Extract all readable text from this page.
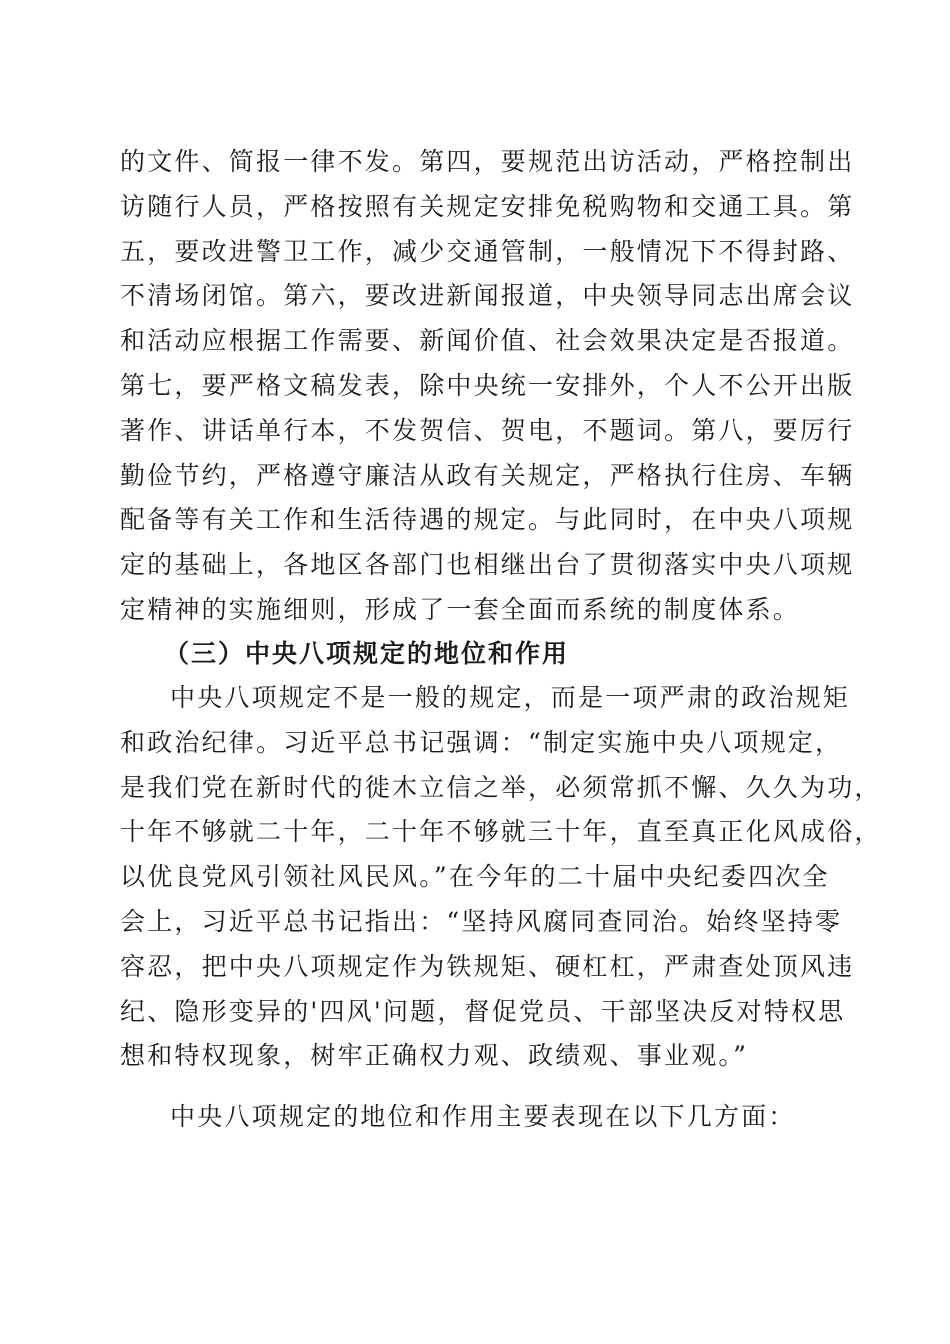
的文件、简报一律不发。第四，要规范出访活动，严格控制出
访随行人员，严格按照有关规定安排免税购物和交通工具。第
五，要改进警卫工作，减少交通管制，一般情况下不得封路、
不清场闭馆。第六，要改进新闻报道，中央领导同志出席会议
和活动应根据工作需要、新闻价值、社会效果决定是否报道。
第七，要严格文稿发表，除中央统一安排外，个人不公开出版
著作、讲话单行本，不发贺信、贺电，不题词。第八，要厉行
勤俭节约，严格遵守廉洁从政有关规定，严格执行住房、车辆
配备等有关工作和生活待遇的规定。与此同时，在中央八项规
定的基础上，各地区各部门也相继出台了贯彻落实中央八项规
定精神的实施细则，形成了一套全面而系统的制度体系。
（三）中央八项规定的地位和作用
中央八项规定不是一般的规定，而是一项严肃的政治规矩
和政治纪律。习近平总书记强调：“制定实施中央八项规定，
是我们党在新时代的徙木立信之举，必须常抓不懈、久久为功，
十年不够就二十年，二十年不够就三十年，直至真正化风成俗，
以优良党风引领社风民风。”在今年的二十届中央纪委四次全
会上，习近平总书记指出：“坚持风腐同查同治。始终坚持零
容忍，把中央八项规定作为铁规矩、硬杠杠，严肃查处顶风违
纪、隐形变异的'四风'问题，督促党员、干部坚决反对特权思
想和特权现象，树牢正确权力观、政绩观、事业观。”
中央八项规定的地位和作用主要表现在以下几方面：
